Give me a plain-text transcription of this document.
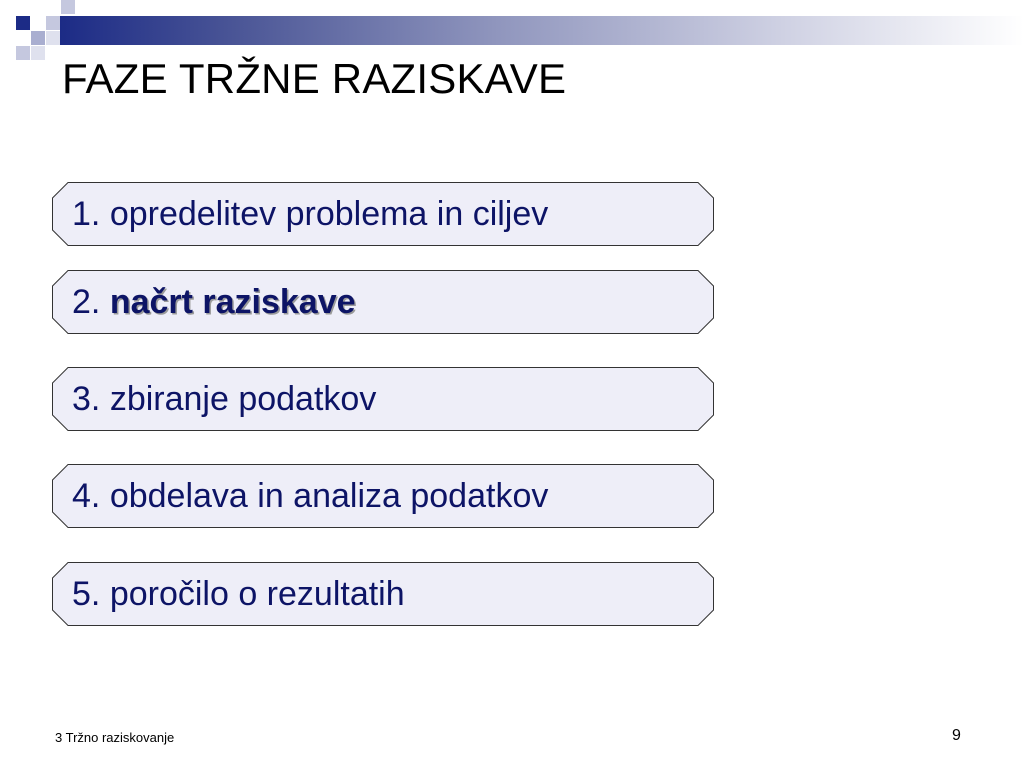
FAZE TRŽNE RAZISKAVE
1. opredelitev problema in ciljev
2. načrt raziskave
3. zbiranje podatkov
4. obdelava in analiza podatkov
5. poročilo o rezultatih
3 Tržno raziskovanje	9
